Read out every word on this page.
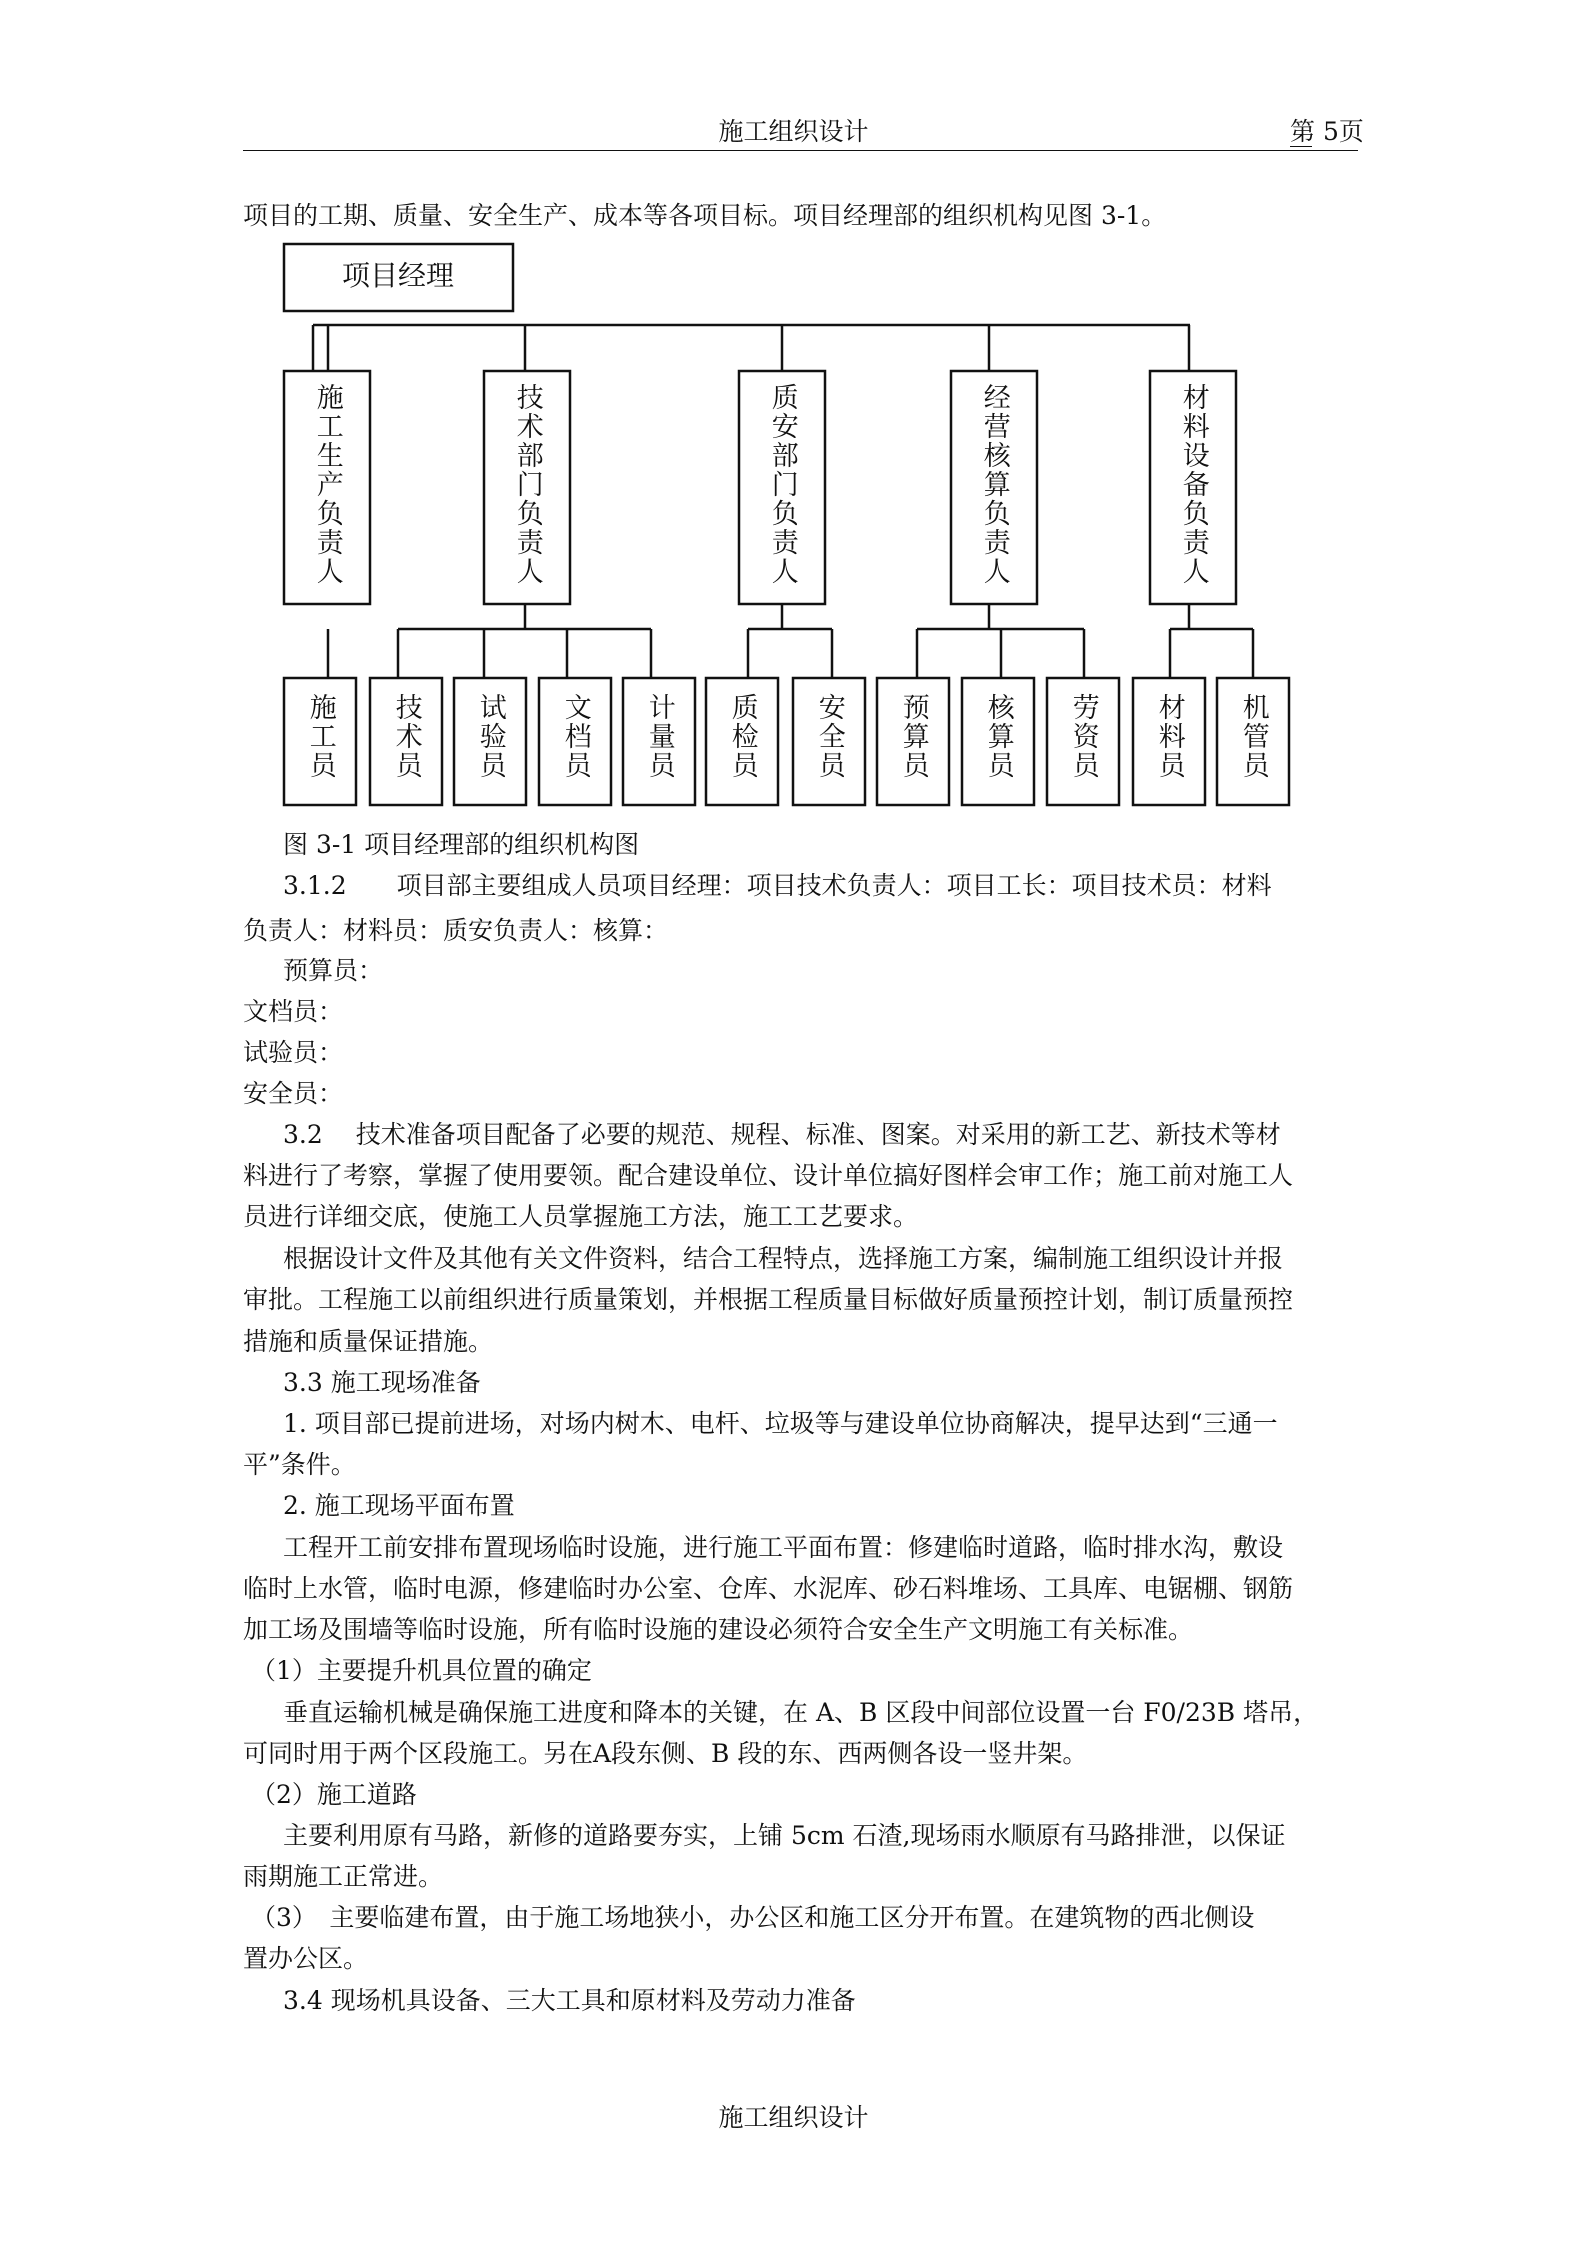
施工组织设计	第 5页
项目的工期、质量、安全生产、成本等各项目标。项目经理部的组织机构见图 3-1。
项目经理
施工生产负责人	技术部门负责人	质安部门负责人	经营核算负责人	材料设备负责人
施工员 技术员 试验员 文档员 计量员 质检员 安全员 预算员 核算员 劳资员 材料员 机管员
图 3-1 项目经理部的组织机构图
3.1.2　　项目部主要组成人员项目经理：项目技术负责人：项目工长：项目技术员：材料
负责人：材料员：质安负责人：核算：
预算员：
文档员：
试验员：
安全员：
3.2　 技术准备项目配备了必要的规范、规程、标准、图案。对采用的新工艺、新技术等材
料进行了考察，掌握了使用要领。配合建设单位、设计单位搞好图样会审工作；施工前对施工人
员进行详细交底，使施工人员掌握施工方法，施工工艺要求。
根据设计文件及其他有关文件资料，结合工程特点，选择施工方案，编制施工组织设计并报
审批。工程施工以前组织进行质量策划，并根据工程质量目标做好质量预控计划，制订质量预控
措施和质量保证措施。
3.3 施工现场准备
1. 项目部已提前进场，对场内树木、电杆、垃圾等与建设单位协商解决，提早达到“三通一
平”条件。
2. 施工现场平面布置
工程开工前安排布置现场临时设施，进行施工平面布置：修建临时道路，临时排水沟，敷设
临时上水管，临时电源，修建临时办公室、仓库、水泥库、砂石料堆场、工具库、电锯棚、钢筋
加工场及围墙等临时设施，所有临时设施的建设必须符合安全生产文明施工有关标准。
（1）主要提升机具位置的确定
垂直运输机械是确保施工进度和降本的关键，在 A、B 区段中间部位设置一台 F0/23B 塔吊，
可同时用于两个区段施工。另在A段东侧、B 段的东、西两侧各设一竖井架。
（2）施工道路
主要利用原有马路，新修的道路要夯实，上铺 5cm 石渣,现场雨水顺原有马路排泄，以保证
雨期施工正常进。
（3）　主要临建布置，由于施工场地狭小，办公区和施工区分开布置。在建筑物的西北侧设
置办公区。
3.4 现场机具设备、三大工具和原材料及劳动力准备
施工组织设计
